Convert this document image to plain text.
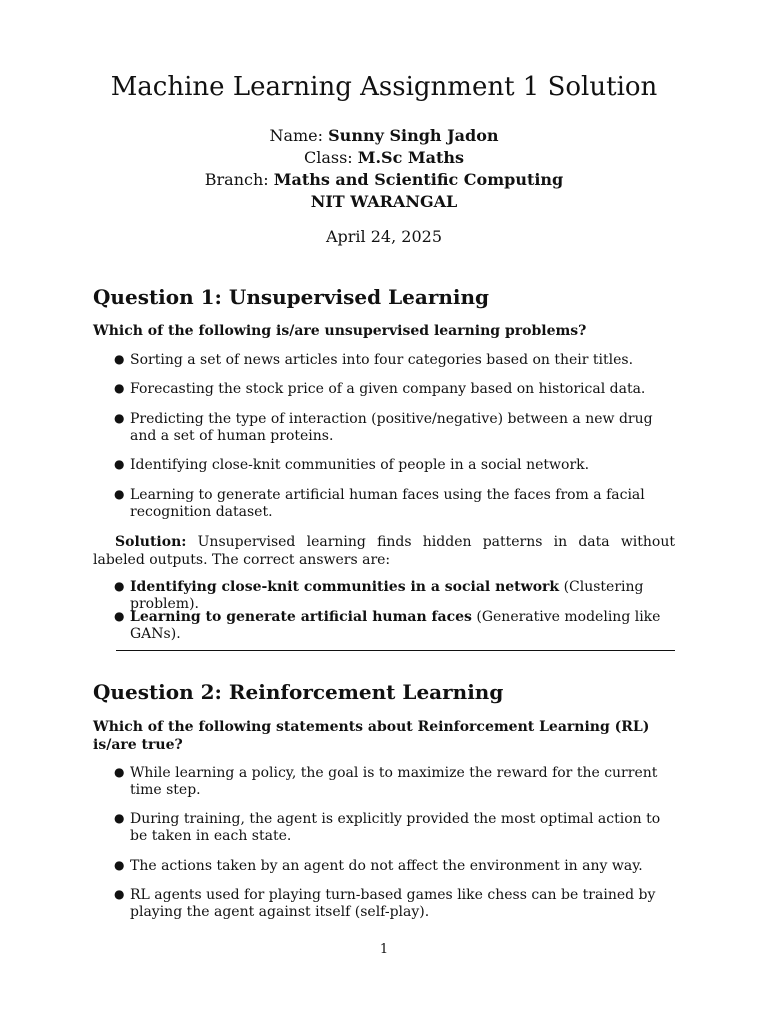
Machine Learning Assignment 1 Solution
Name: Sunny Singh Jadon
Class: M.Sc Maths
Branch: Maths and Scientific Computing
NIT WARANGAL
April 24, 2025
Question 1: Unsupervised Learning
Which of the following is/are unsupervised learning problems?
● Sorting a set of news articles into four categories based on their titles.
● Forecasting the stock price of a given company based on historical data.
● Predicting the type of interaction (positive/negative) between a new drug and a set of human proteins.
● Identifying close-knit communities of people in a social network.
● Learning to generate artificial human faces using the faces from a facial recognition dataset.
Solution: Unsupervised learning finds hidden patterns in data without labeled outputs. The correct answers are:
● Identifying close-knit communities in a social network (Clustering problem).
● Learning to generate artificial human faces (Generative modeling like GANs).
Question 2: Reinforcement Learning
Which of the following statements about Reinforcement Learning (RL) is/are true?
● While learning a policy, the goal is to maximize the reward for the current time step.
● During training, the agent is explicitly provided the most optimal action to be taken in each state.
● The actions taken by an agent do not affect the environment in any way.
● RL agents used for playing turn-based games like chess can be trained by playing the agent against itself (self-play).
1
